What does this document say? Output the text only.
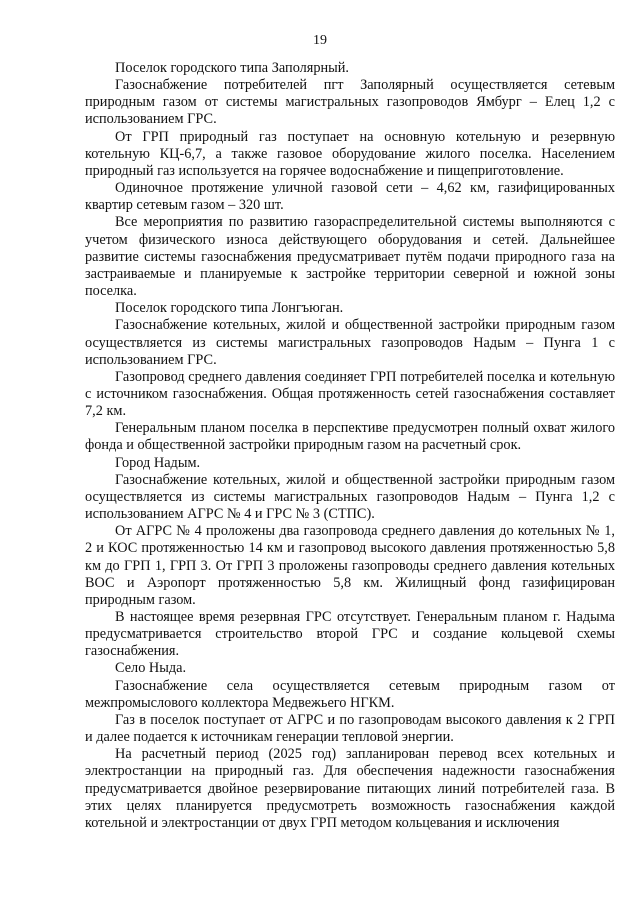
19

Поселок городского типа Заполярный.

Газоснабжение потребителей пгт Заполярный осуществляется сетевым природным газом от системы магистральных газопроводов Ямбург – Елец 1,2 с использованием ГРС.

От ГРП природный газ поступает на основную котельную и резервную котельную КЦ-6,7, а также газовое оборудование жилого поселка. Населением природный газ используется на горячее водоснабжение и пищеприготовление.

Одиночное протяжение уличной газовой сети – 4,62 км, газифицированных квартир сетевым газом – 320 шт.

Все мероприятия по развитию газораспределительной системы выполняются с учетом физического износа действующего оборудования и сетей. Дальнейшее развитие системы газоснабжения предусматривает путём подачи природного газа на застраиваемые и планируемые к застройке территории северной и южной зоны поселка.

Поселок городского типа Лонгъюган.

Газоснабжение котельных, жилой и общественной застройки природным газом осуществляется из системы магистральных газопроводов Надым – Пунга 1 с использованием ГРС.

Газопровод среднего давления соединяет ГРП потребителей поселка и котельную с источником газоснабжения. Общая протяженность сетей газоснабжения составляет 7,2 км.

Генеральным планом поселка в перспективе предусмотрен полный охват жилого фонда и общественной застройки природным газом на расчетный срок.

Город Надым.

Газоснабжение котельных, жилой и общественной застройки природным газом осуществляется из системы магистральных газопроводов Надым – Пунга 1,2 с использованием АГРС № 4 и ГРС № 3 (СТПС).

От АГРС № 4 проложены два газопровода среднего давления до котельных № 1, 2 и КОС протяженностью 14 км и газопровод высокого давления протяженностью 5,8 км до ГРП 1, ГРП 3. От ГРП 3 проложены газопроводы среднего давления котельных ВОС и Аэропорт протяженностью 5,8 км. Жилищный фонд газифицирован природным газом.

В настоящее время резервная ГРС отсутствует. Генеральным планом г. Надыма предусматривается строительство второй ГРС и создание кольцевой схемы газоснабжения.

Село Ныда.

Газоснабжение села осуществляется сетевым природным газом от межпромыслового коллектора Медвежьего НГКМ.

Газ в поселок поступает от АГРС и по газопроводам высокого давления к 2 ГРП и далее подается к источникам генерации тепловой энергии.

На расчетный период (2025 год) запланирован перевод всех котельных и электростанции на природный газ. Для обеспечения надежности газоснабжения предусматривается двойное резервирование питающих линий потребителей газа. В этих целях планируется предусмотреть возможность газоснабжения каждой котельной и электростанции от двух ГРП методом кольцевания и исключения
